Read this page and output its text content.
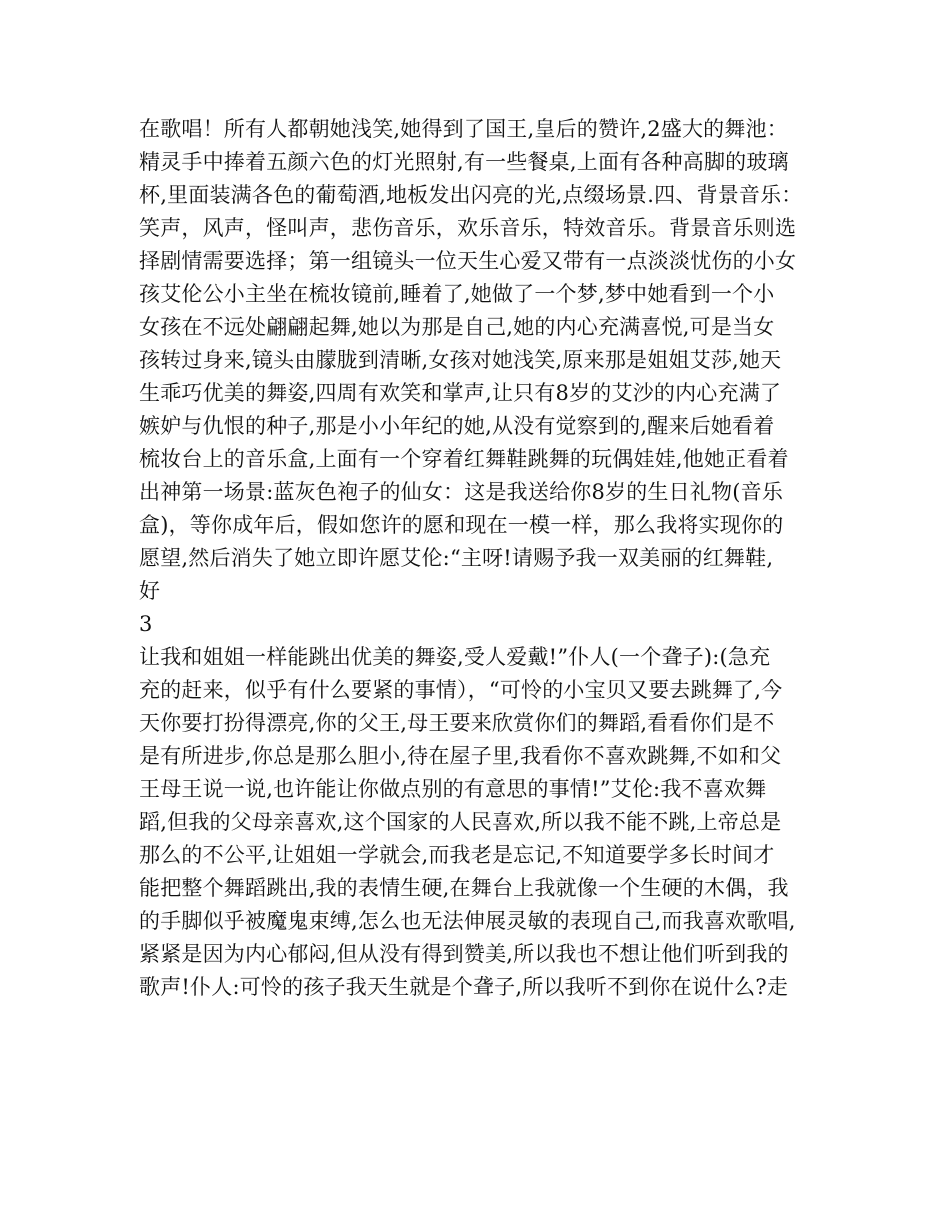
在歌唱！所有人都朝她浅笑,她得到了国王,皇后的赞许,2盛大的舞池：
精灵手中捧着五颜六色的灯光照射,有一些餐桌,上面有各种高脚的玻璃
杯,里面装满各色的葡萄酒,地板发出闪亮的光,点缀场景.四、背景音乐：
笑声，风声，怪叫声，悲伤音乐，欢乐音乐，特效音乐。背景音乐则选
择剧情需要选择；第一组镜头一位天生心爱又带有一点淡淡忧伤的小女
孩艾伦公小主坐在梳妆镜前,睡着了,她做了一个梦,梦中她看到一个小
女孩在不远处翩翩起舞,她以为那是自己,她的内心充满喜悦,可是当女
孩转过身来,镜头由朦胧到清晰,女孩对她浅笑,原来那是姐姐艾莎,她天
生乖巧优美的舞姿,四周有欢笑和掌声,让只有8岁的艾沙的内心充满了
嫉妒与仇恨的种子,那是小小年纪的她,从没有觉察到的,醒来后她看着
梳妆台上的音乐盒,上面有一个穿着红舞鞋跳舞的玩偶娃娃,他她正看着
出神第一场景:蓝灰色袍子的仙女：这是我送给你8岁的生日礼物(音乐
盒)，等你成年后，假如您许的愿和现在一模一样，那么我将实现你的
愿望,然后消失了她立即许愿艾伦:“主呀!请赐予我一双美丽的红舞鞋,
好
3
让我和姐姐一样能跳出优美的舞姿,受人爱戴!”仆人(一个聋子):(急充
充的赶来，似乎有什么要紧的事情），“可怜的小宝贝又要去跳舞了,今
天你要打扮得漂亮,你的父王,母王要来欣赏你们的舞蹈,看看你们是不
是有所进步,你总是那么胆小,待在屋子里,我看你不喜欢跳舞,不如和父
王母王说一说,也许能让你做点别的有意思的事情!”艾伦:我不喜欢舞
蹈,但我的父母亲喜欢,这个国家的人民喜欢,所以我不能不跳,上帝总是
那么的不公平,让姐姐一学就会,而我老是忘记,不知道要学多长时间才
能把整个舞蹈跳出,我的表情生硬,在舞台上我就像一个生硬的木偶，我
的手脚似乎被魔鬼束缚,怎么也无法伸展灵敏的表现自己,而我喜欢歌唱,
紧紧是因为内心郁闷,但从没有得到赞美,所以我也不想让他们听到我的
歌声!仆人:可怜的孩子我天生就是个聋子,所以我听不到你在说什么?走
